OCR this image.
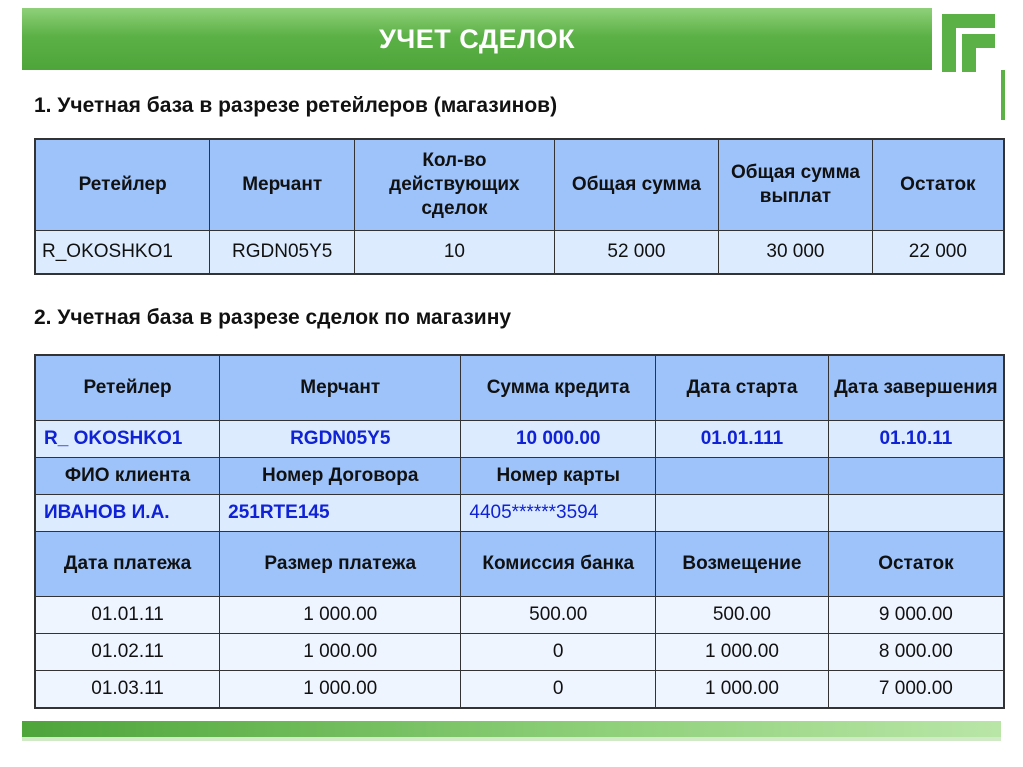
УЧЕТ СДЕЛОК
1. Учетная база в разрезе ретейлеров (магазинов)
Ретейлер	Мерчант	Кол-во действующих сделок	Общая сумма	Общая сумма выплат	Остаток
R_OKOSHKO1	RGDN05Y5	10	52 000	30 000	22 000
2. Учетная база в разрезе сделок по магазину
Ретейлер	Мерчант	Сумма кредита	Дата старта	Дата завершения
R_ OKOSHKO1	RGDN05Y5	10 000.00	01.01.111	01.10.11
ФИО клиента	Номер Договора	Номер карты		
ИВАНОВ И.А.	251RTE145	4405******3594		
Дата платежа	Размер платежа	Комиссия банка	Возмещение	Остаток
01.01.11	1 000.00	500.00	500.00	9 000.00
01.02.11	1 000.00	0	1 000.00	8 000.00
01.03.11	1 000.00	0	1 000.00	7 000.00
